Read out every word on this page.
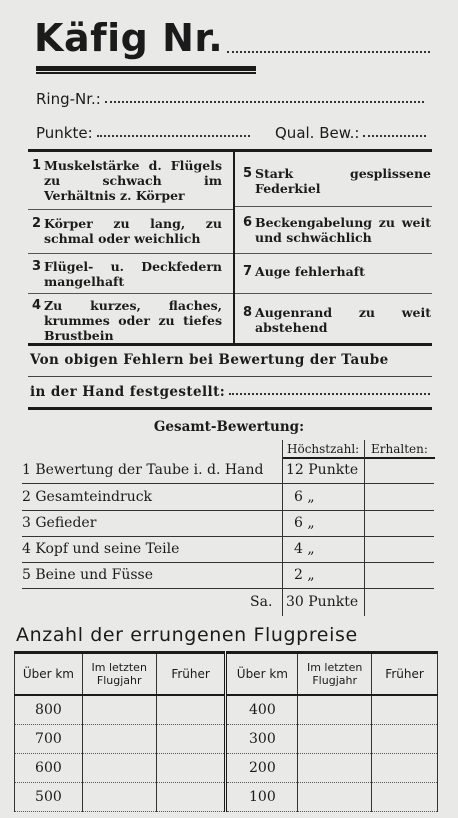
Käfig Nr.
Ring-Nr.:
Punkte:	Qual. Bew.:
1 Muskelstärke d. Flügels zu schwach im Verhältnis z. Körper
2 Körper zu lang, zu schmal oder weichlich
3 Flügel- u. Deckfedern mangelhaft
4 Zu kurzes, flaches, krummes oder zu tiefes Brustbein
5 Stark gesplissene Federkiel
6 Beckengabelung zu weit und schwächlich
7 Auge fehlerhaft
8 Augenrand zu weit abstehend
Von obigen Fehlern bei Bewertung der Taube
in der Hand festgestellt:
Gesamt-Bewertung:
Höchstzahl: Erhalten:
1 Bewertung der Taube i. d. Hand 12 Punkte
2 Gesamteindruck	6 „
3 Gefieder	6 „
4 Kopf und seine Teile	4 „
5 Beine und Füsse	2 „
Sa. 30 Punkte
Anzahl der errungenen Flugpreise
Über km	Im letzten Flugjahr	Früher	Über km	Im letzten Flugjahr	Früher
800			400		
700			300		
600			200		
500			100		
